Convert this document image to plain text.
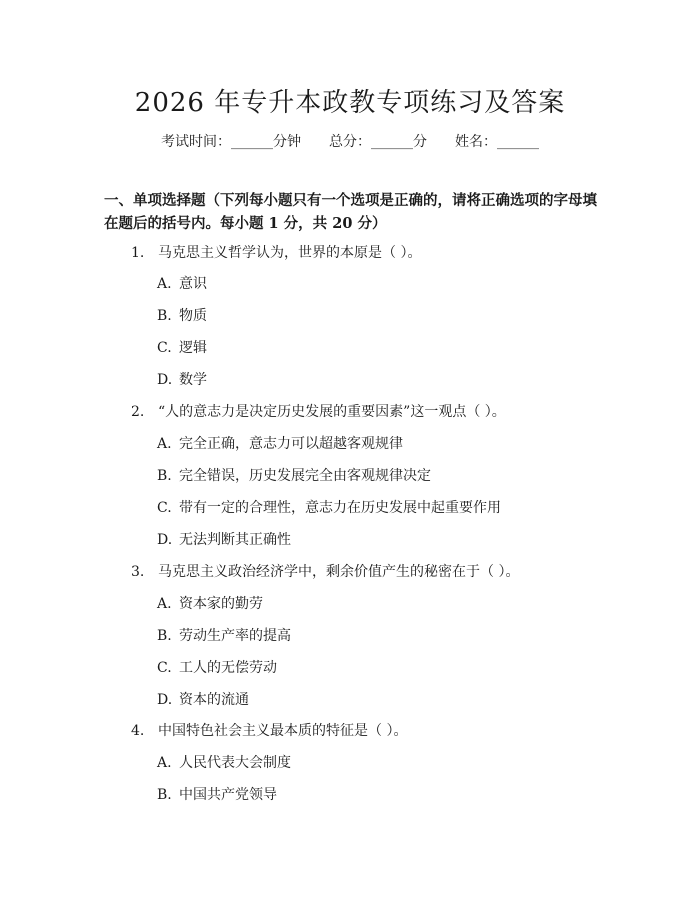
2026 年专升本政教专项练习及答案
考试时间：______分钟 总分：______分 姓名：______
一、单项选择题（下列每小题只有一个选项是正确的，请将正确选项的字母填在题后的括号内。每小题 1 分，共 20 分）
1. 马克思主义哲学认为，世界的本原是（ ）。
A. 意识
B. 物质
C. 逻辑
D. 数学
2. “人的意志力是决定历史发展的重要因素”这一观点（ ）。
A. 完全正确，意志力可以超越客观规律
B. 完全错误，历史发展完全由客观规律决定
C. 带有一定的合理性，意志力在历史发展中起重要作用
D. 无法判断其正确性
3. 马克思主义政治经济学中，剩余价值产生的秘密在于（ ）。
A. 资本家的勤劳
B. 劳动生产率的提高
C. 工人的无偿劳动
D. 资本的流通
4. 中国特色社会主义最本质的特征是（ ）。
A. 人民代表大会制度
B. 中国共产党领导
